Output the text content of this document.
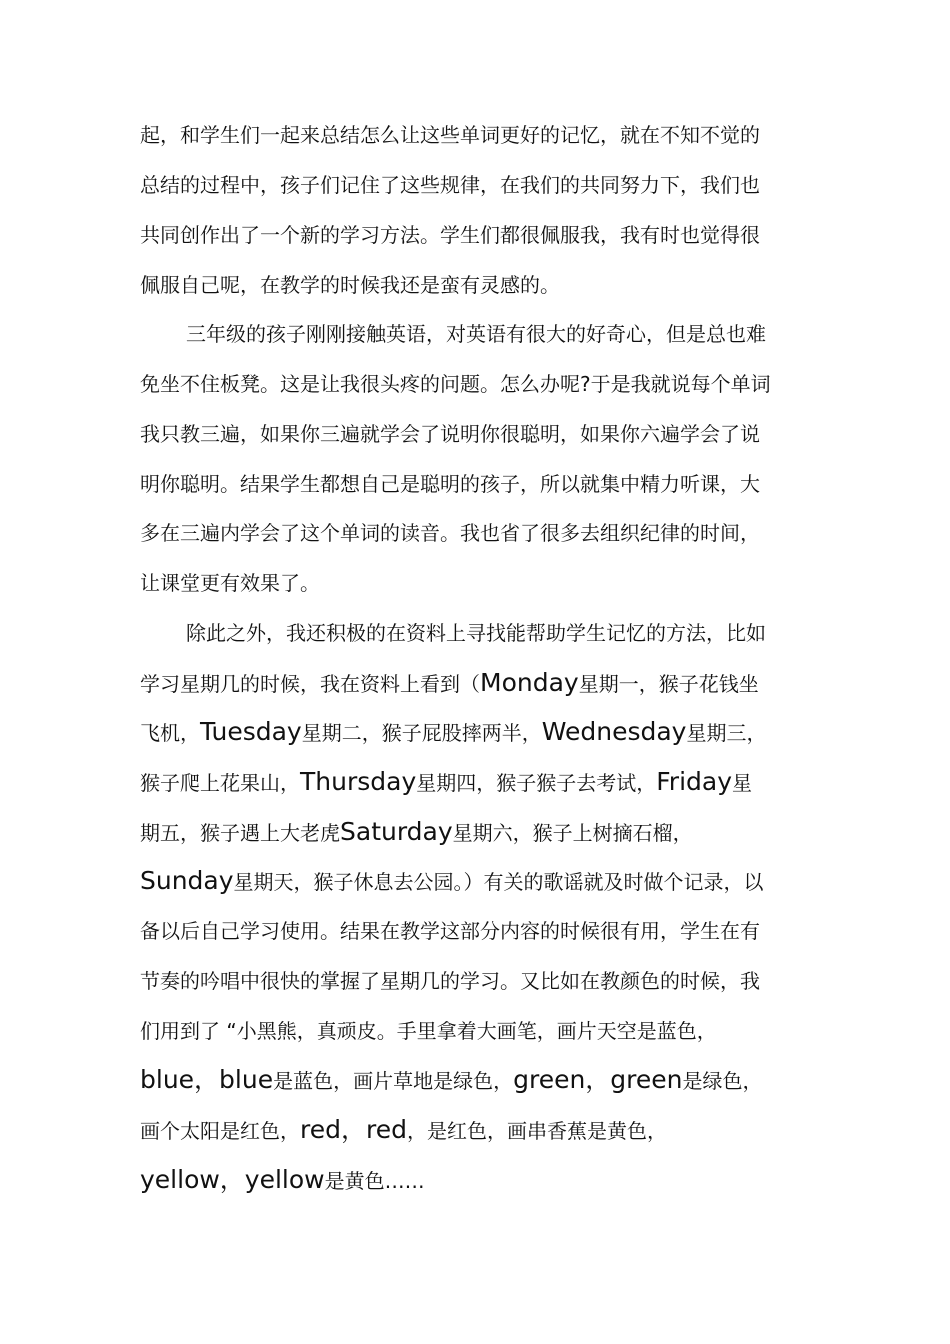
起，和学生们一起来总结怎么让这些单词更好的记忆，就在不知不觉的
总结的过程中，孩子们记住了这些规律，在我们的共同努力下，我们也
共同创作出了一个新的学习方法。学生们都很佩服我，我有时也觉得很
佩服自己呢，在教学的时候我还是蛮有灵感的。
三年级的孩子刚刚接触英语，对英语有很大的好奇心，但是总也难
免坐不住板凳。这是让我很头疼的问题。怎么办呢?于是我就说每个单词
我只教三遍，如果你三遍就学会了说明你很聪明，如果你六遍学会了说
明你聪明。结果学生都想自己是聪明的孩子，所以就集中精力听课，大
多在三遍内学会了这个单词的读音。我也省了很多去组织纪律的时间，
让课堂更有效果了。
除此之外，我还积极的在资料上寻找能帮助学生记忆的方法，比如
学习星期几的时候，我在资料上看到（Monday星期一，猴子花钱坐
飞机，Tuesday星期二，猴子屁股摔两半，Wednesday星期三，
猴子爬上花果山，Thursday星期四，猴子猴子去考试，Friday星
期五，猴子遇上大老虎Saturday星期六，猴子上树摘石榴，
Sunday星期天，猴子休息去公园。）有关的歌谣就及时做个记录，以
备以后自己学习使用。结果在教学这部分内容的时候很有用，学生在有
节奏的吟唱中很快的掌握了星期几的学习。又比如在教颜色的时候，我
们用到了 “小黑熊，真顽皮。手里拿着大画笔，画片天空是蓝色，
blue，blue是蓝色，画片草地是绿色，green，green是绿色，
画个太阳是红色，red，red，是红色，画串香蕉是黄色，
yellow，yellow是黄色……
